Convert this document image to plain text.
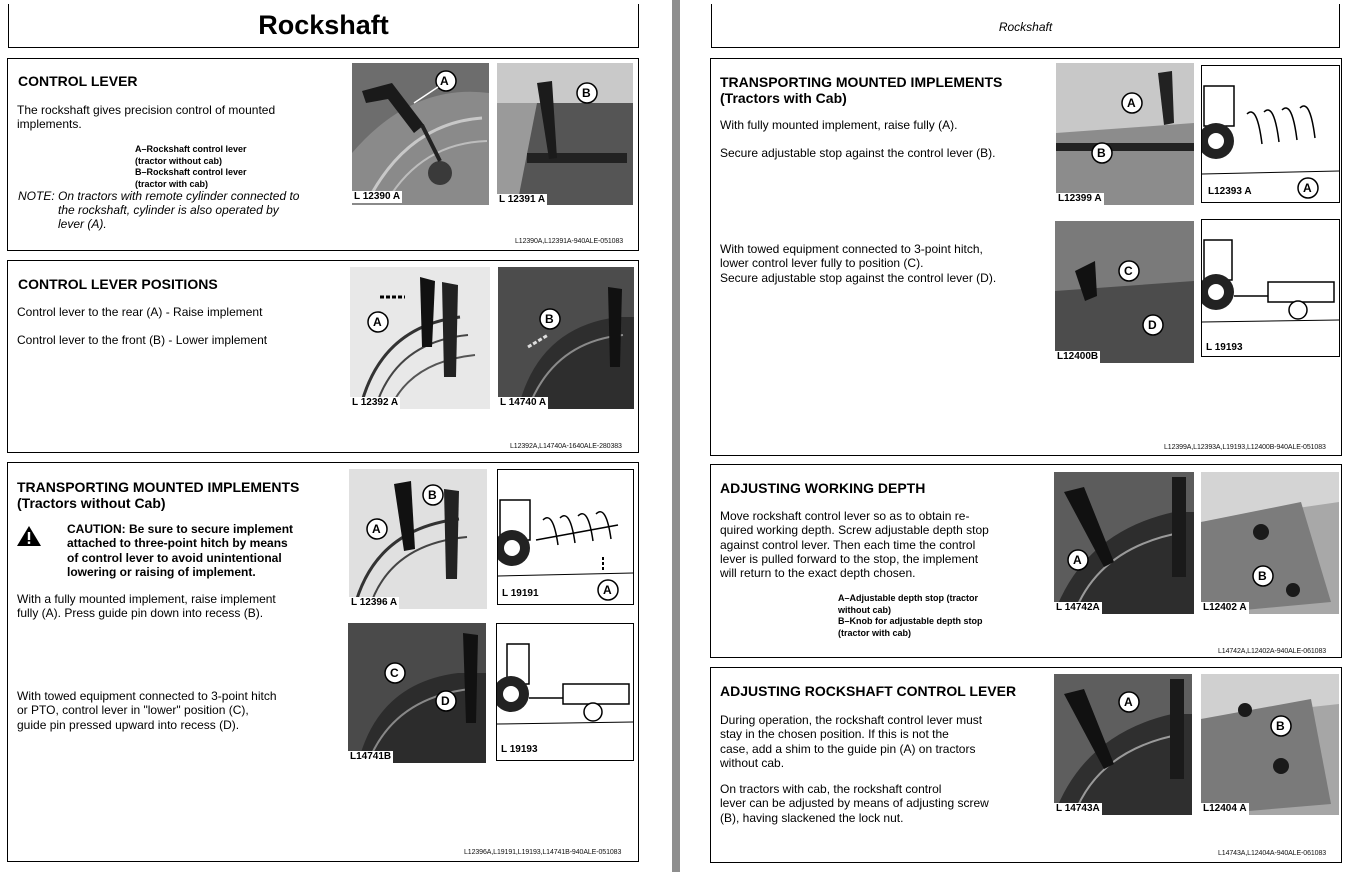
Rockshaft
CONTROL LEVER
The rockshaft gives precision control of mounted
implements.
A–Rockshaft control lever
(tractor without cab)
B–Rockshaft control lever
(tractor with cab)
NOTE: On tractors with remote cylinder connected to
the rockshaft, cylinder is also operated by
lever (A).
A
L 12390 A
B
L 12391 A
L12390A,L12391A-940ALE-051083
CONTROL LEVER POSITIONS
Control lever to the rear (A) - Raise implement
Control lever to the front (B) - Lower implement
A
L 12392 A
B
L 14740 A
L12392A,L14740A-1640ALE-280383
TRANSPORTING MOUNTED IMPLEMENTS
(Tractors without Cab)
CAUTION: Be sure to secure implement
attached to three-point hitch by means
of control lever to avoid unintentional
lowering or raising of implement.
With a fully mounted implement, raise implement
fully (A). Press guide pin down into recess (B).
With towed equipment connected to 3-point hitch
or PTO, control lever in "lower" position (C),
guide pin pressed upward into recess (D).
A
B
L 12396 A
A
L 19191
C
D
L14741B
L 19193
L12396A,L19191,L19193,L14741B-940ALE-051083
Rockshaft
TRANSPORTING MOUNTED IMPLEMENTS
(Tractors with Cab)
With fully mounted implement, raise fully (A).
Secure adjustable stop against the control lever (B).
With towed equipment connected to 3-point hitch,
lower control lever fully to position (C).
Secure adjustable stop against the control lever (D).
A
B
L12399 A
A
L12393 A
C
D
L12400B
L 19193
L12399A,L12393A,L19193,L12400B-940ALE-051083
ADJUSTING WORKING DEPTH
Move rockshaft control lever so as to obtain re-
quired working depth. Screw adjustable depth stop
against control lever. Then each time the control
lever is pulled forward to the stop, the implement
will return to the exact depth chosen.
A–Adjustable depth stop (tractor
without cab)
B–Knob for adjustable depth stop
(tractor with cab)
A
L 14742A
B
L12402 A
L14742A,L12402A-940ALE-061083
ADJUSTING ROCKSHAFT CONTROL LEVER
During operation, the rockshaft control lever must
stay in the chosen position. If this is not the
case, add a shim to the guide pin (A) on tractors
without cab.
On tractors with cab, the rockshaft control
lever can be adjusted by means of adjusting screw
(B), having slackened the lock nut.
A
L 14743A
B
L12404 A
L14743A,L12404A-940ALE-061083
